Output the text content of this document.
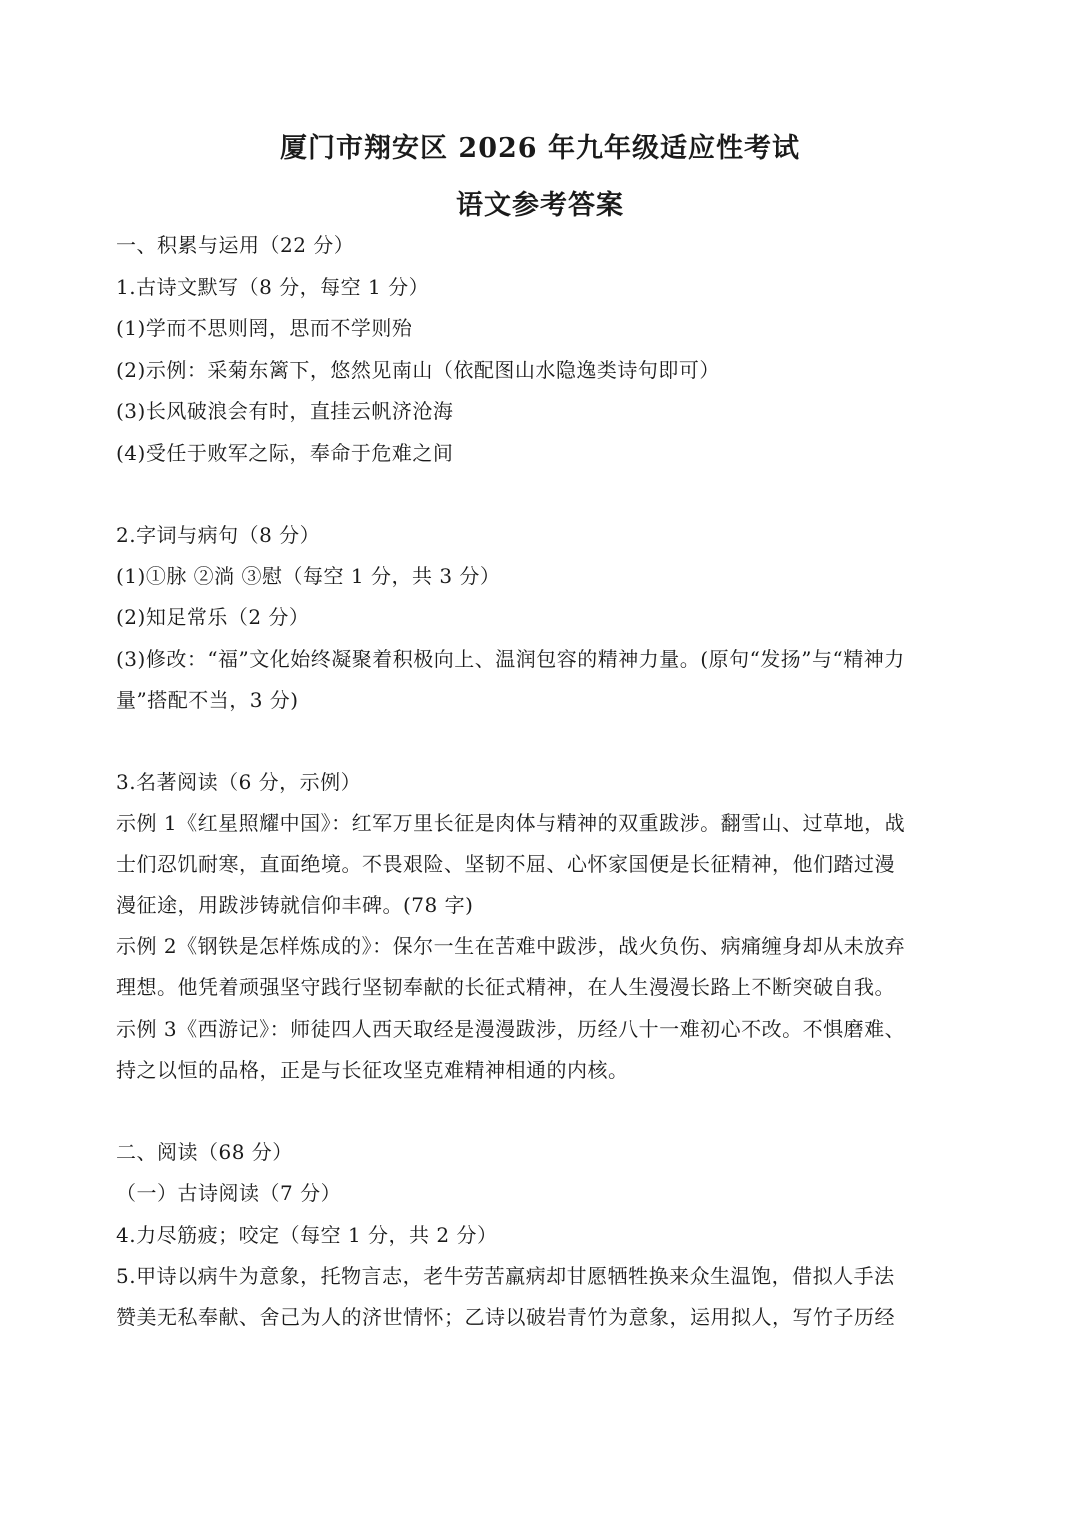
厦门市翔安区 2026 年九年级适应性考试
语文参考答案
一、积累与运用（22 分）
1.古诗文默写（8 分，每空 1 分）
(1)学而不思则罔，思而不学则殆
(2)示例：采菊东篱下，悠然见南山（依配图山水隐逸类诗句即可）
(3)长风破浪会有时，直挂云帆济沧海
(4)受任于败军之际，奉命于危难之间
2.字词与病句（8 分）
(1)①脉 ②淌 ③慰（每空 1 分，共 3 分）
(2)知足常乐（2 分）
(3)修改：“福”文化始终凝聚着积极向上、温润包容的精神力量。(原句“发扬”与“精神力
量”搭配不当，3 分)
3.名著阅读（6 分，示例）
示例 1《红星照耀中国》：红军万里长征是肉体与精神的双重跋涉。翻雪山、过草地，战
士们忍饥耐寒，直面绝境。不畏艰险、坚韧不屈、心怀家国便是长征精神，他们踏过漫
漫征途，用跋涉铸就信仰丰碑。(78 字)
示例 2《钢铁是怎样炼成的》：保尔一生在苦难中跋涉，战火负伤、病痛缠身却从未放弃
理想。他凭着顽强坚守践行坚韧奉献的长征式精神，在人生漫漫长路上不断突破自我。
示例 3《西游记》：师徒四人西天取经是漫漫跋涉，历经八十一难初心不改。不惧磨难、
持之以恒的品格，正是与长征攻坚克难精神相通的内核。
二、阅读（68 分）
（一）古诗阅读（7 分）
4.力尽筋疲；咬定（每空 1 分，共 2 分）
5.甲诗以病牛为意象，托物言志，老牛劳苦羸病却甘愿牺牲换来众生温饱，借拟人手法
赞美无私奉献、舍己为人的济世情怀；乙诗以破岩青竹为意象，运用拟人，写竹子历经
